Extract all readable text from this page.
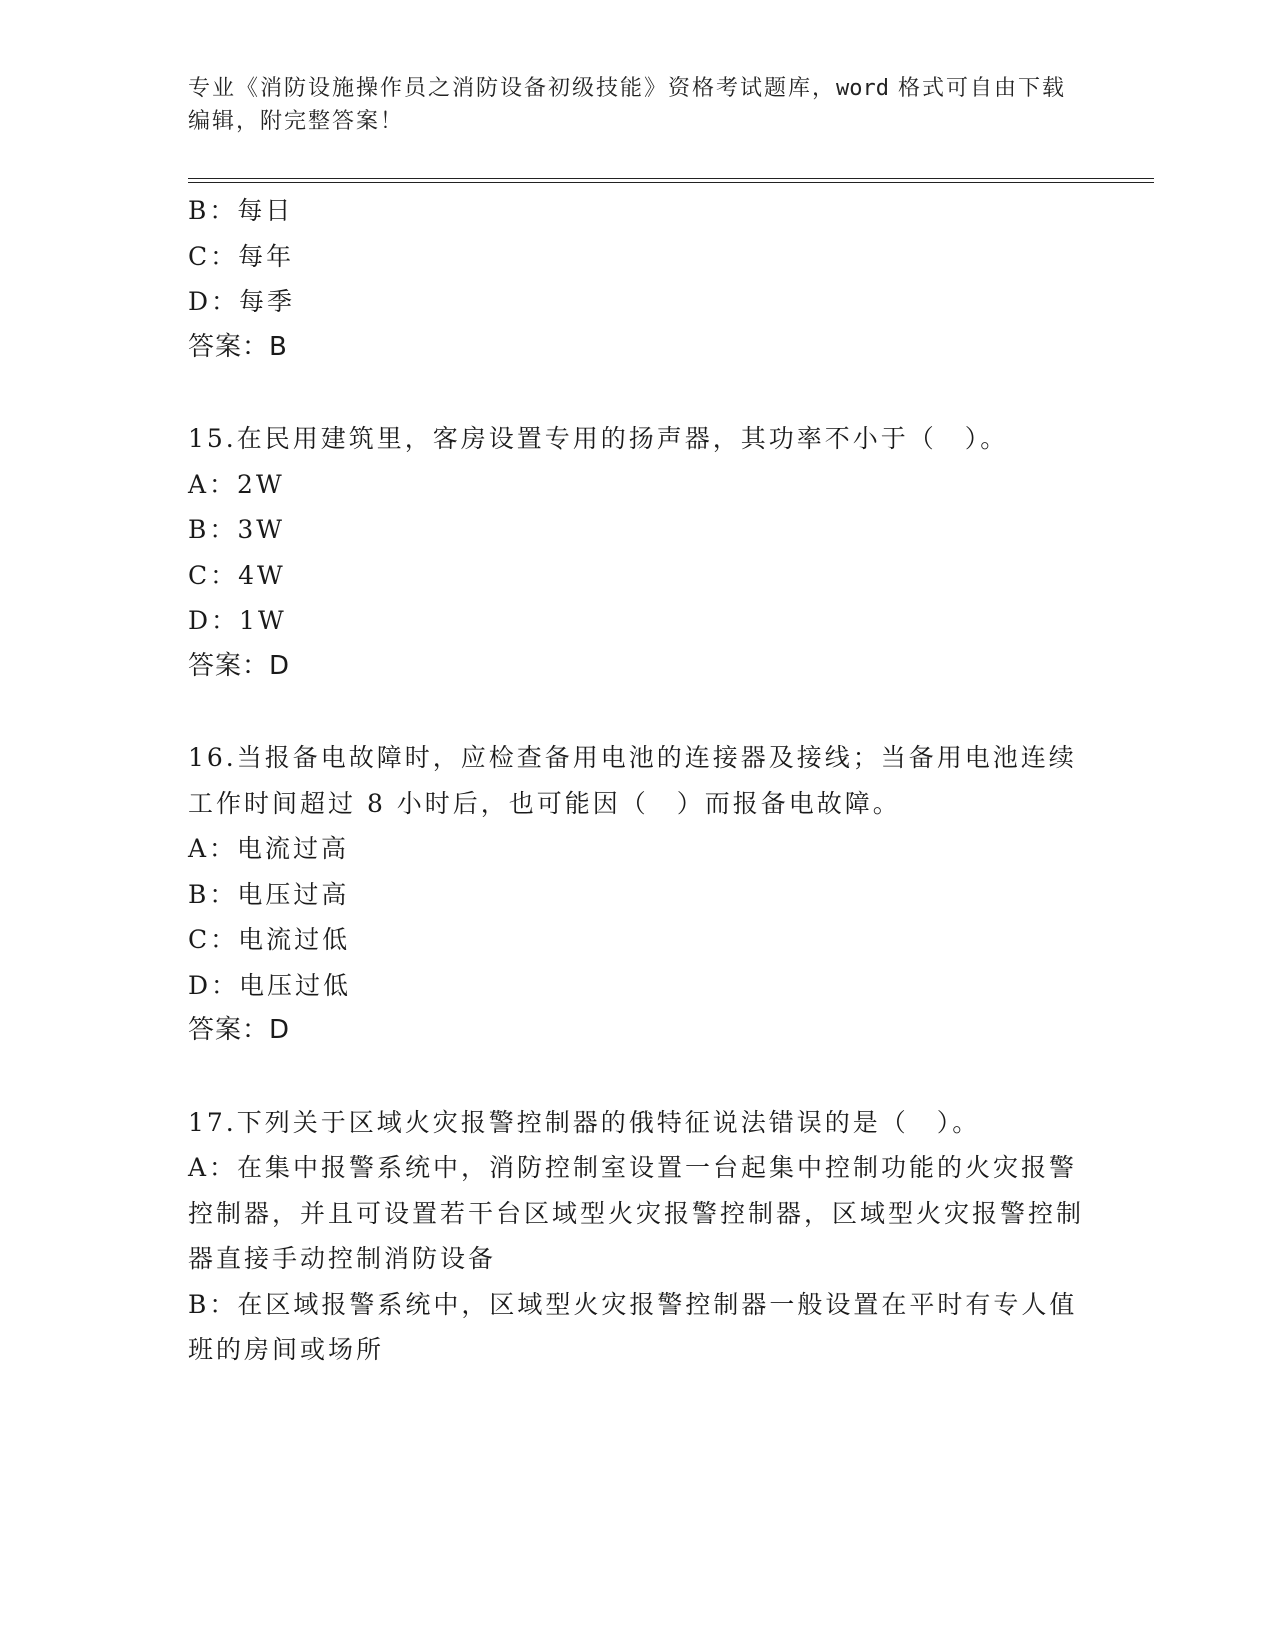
专业《消防设施操作员之消防设备初级技能》资格考试题库，word 格式可自由下载编辑，附完整答案！
B：每日
C：每年
D：每季
答案：B
15.在民用建筑里，客房设置专用的扬声器，其功率不小于（　）。
A：2W
B：3W
C：4W
D：1W
答案：D
16.当报备电故障时，应检查备用电池的连接器及接线；当备用电池连续工作时间超过 8 小时后，也可能因（　）而报备电故障。
A：电流过高
B：电压过高
C：电流过低
D：电压过低
答案：D
17.下列关于区域火灾报警控制器的俄特征说法错误的是（　）。
A：在集中报警系统中，消防控制室设置一台起集中控制功能的火灾报警控制器，并且可设置若干台区域型火灾报警控制器，区域型火灾报警控制器直接手动控制消防设备
B：在区域报警系统中，区域型火灾报警控制器一般设置在平时有专人值班的房间或场所
